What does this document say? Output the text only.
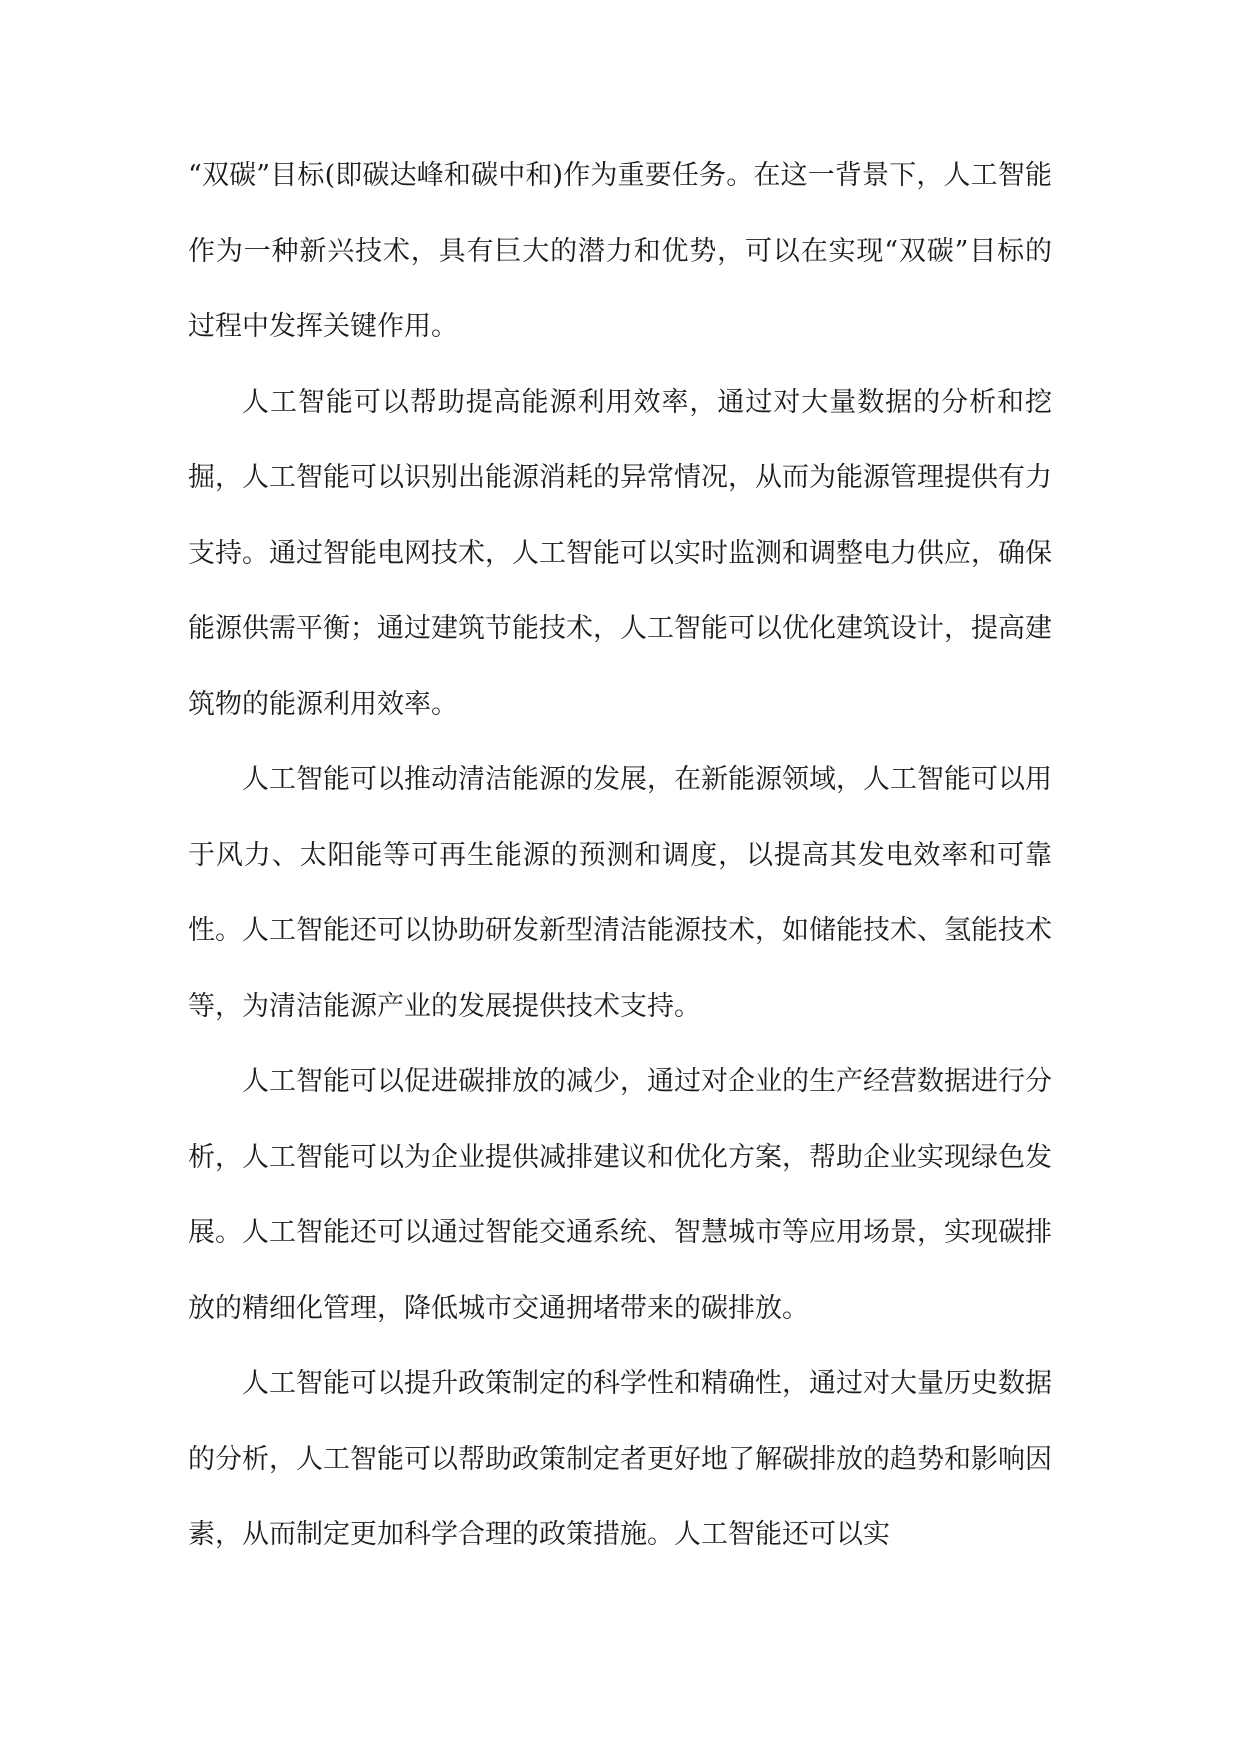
“双碳”目标(即碳达峰和碳中和)作为重要任务。在这一背景下，人工智能作为一种新兴技术，具有巨大的潜力和优势，可以在实现“双碳”目标的过程中发挥关键作用。

人工智能可以帮助提高能源利用效率，通过对大量数据的分析和挖掘，人工智能可以识别出能源消耗的异常情况，从而为能源管理提供有力支持。通过智能电网技术，人工智能可以实时监测和调整电力供应，确保能源供需平衡；通过建筑节能技术，人工智能可以优化建筑设计，提高建筑物的能源利用效率。

人工智能可以推动清洁能源的发展，在新能源领域，人工智能可以用于风力、太阳能等可再生能源的预测和调度，以提高其发电效率和可靠性。人工智能还可以协助研发新型清洁能源技术，如储能技术、氢能技术等，为清洁能源产业的发展提供技术支持。

人工智能可以促进碳排放的减少，通过对企业的生产经营数据进行分析，人工智能可以为企业提供减排建议和优化方案，帮助企业实现绿色发展。人工智能还可以通过智能交通系统、智慧城市等应用场景，实现碳排放的精细化管理，降低城市交通拥堵带来的碳排放。

人工智能可以提升政策制定的科学性和精确性，通过对大量历史数据的分析，人工智能可以帮助政策制定者更好地了解碳排放的趋势和影响因素，从而制定更加科学合理的政策措施。人工智能还可以实
